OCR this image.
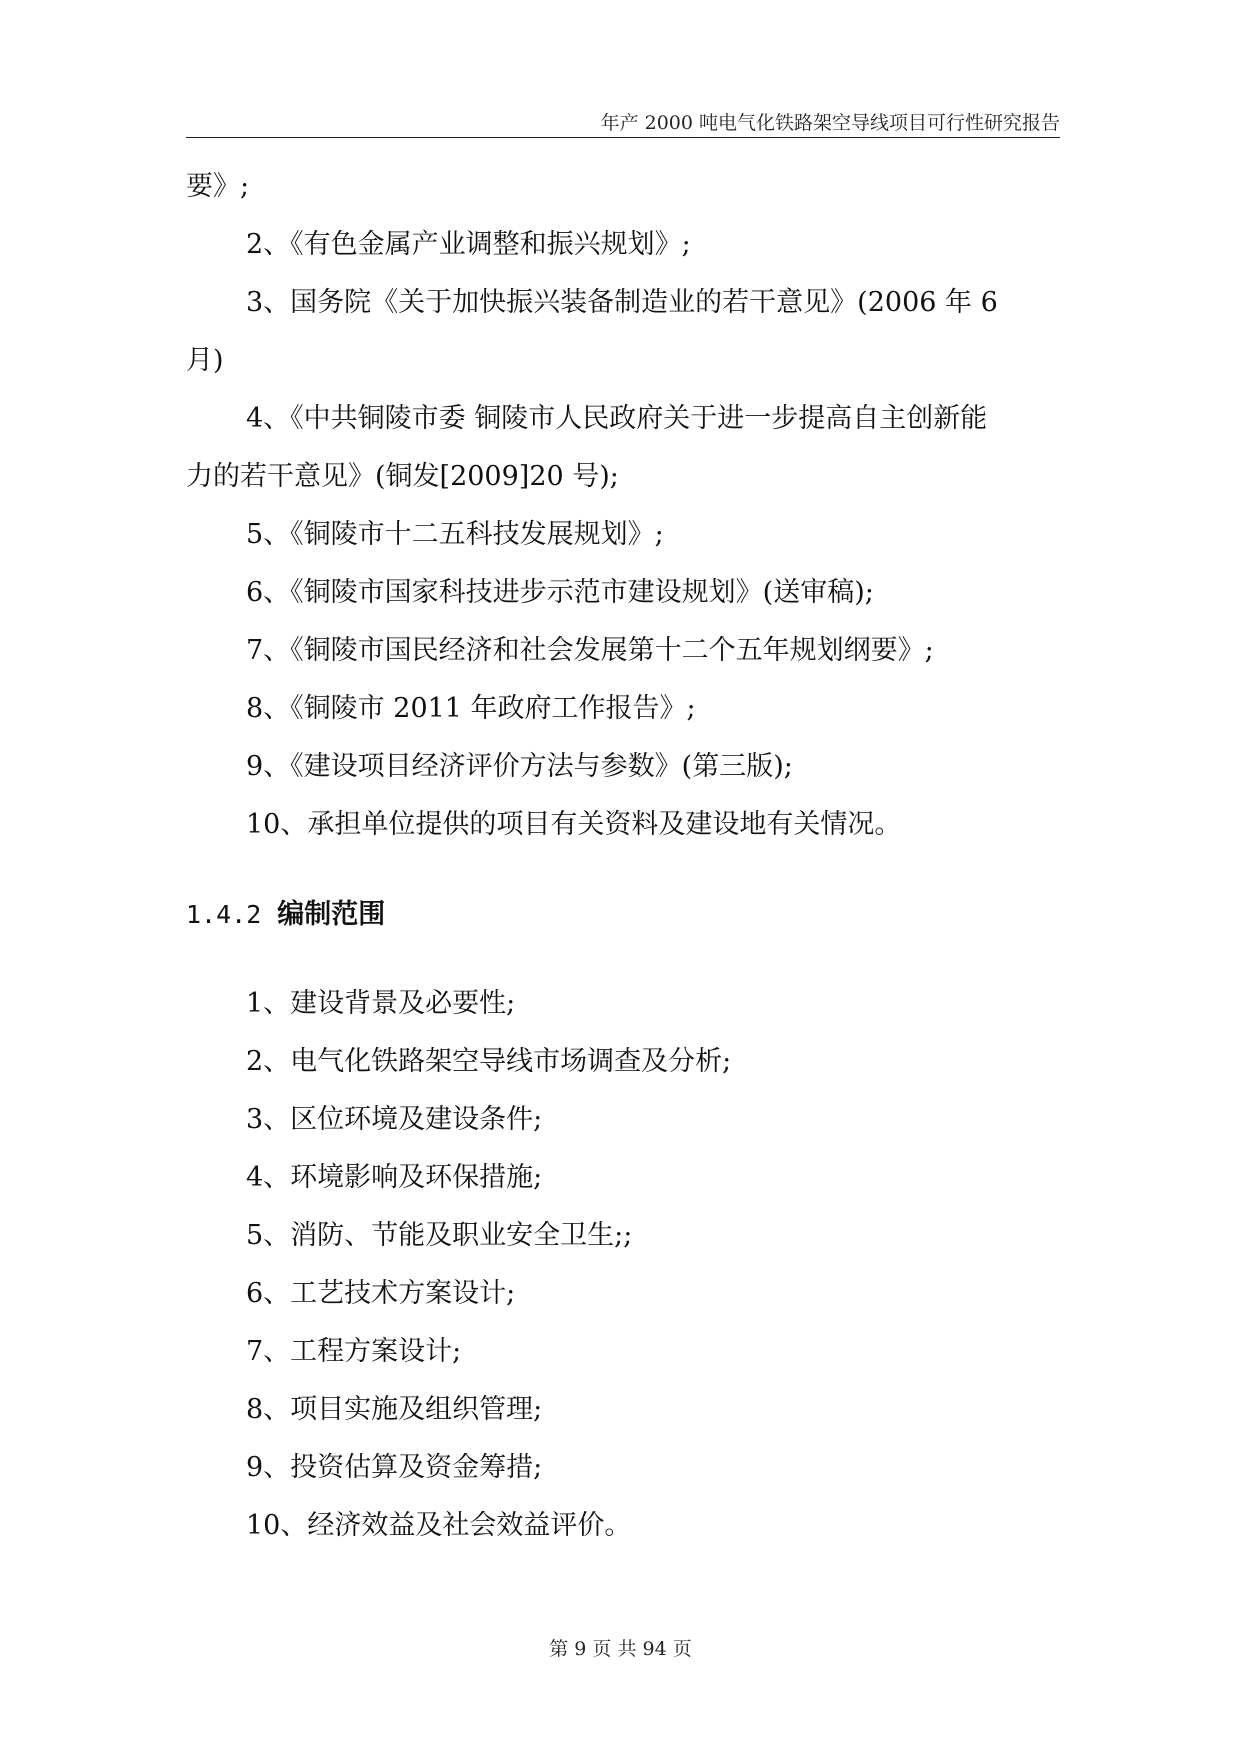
年产 2000 吨电气化铁路架空导线项目可行性研究报告
要》;
2、《有色金属产业调整和振兴规划》;
3、国务院《关于加快振兴装备制造业的若干意见》(2006 年 6
月)
4、《中共铜陵市委 铜陵市人民政府关于进一步提高自主创新能
力的若干意见》(铜发[2009]20 号);
5、《铜陵市十二五科技发展规划》;
6、《铜陵市国家科技进步示范市建设规划》(送审稿);
7、《铜陵市国民经济和社会发展第十二个五年规划纲要》;
8、《铜陵市 2011 年政府工作报告》;
9、《建设项目经济评价方法与参数》(第三版);
10、承担单位提供的项目有关资料及建设地有关情况。
1.4.2 编制范围
1、建设背景及必要性;
2、电气化铁路架空导线市场调查及分析;
3、区位环境及建设条件;
4、环境影响及环保措施;
5、消防、节能及职业安全卫生;;
6、工艺技术方案设计;
7、工程方案设计;
8、项目实施及组织管理;
9、投资估算及资金筹措;
10、经济效益及社会效益评价。
第 9 页 共 94 页
